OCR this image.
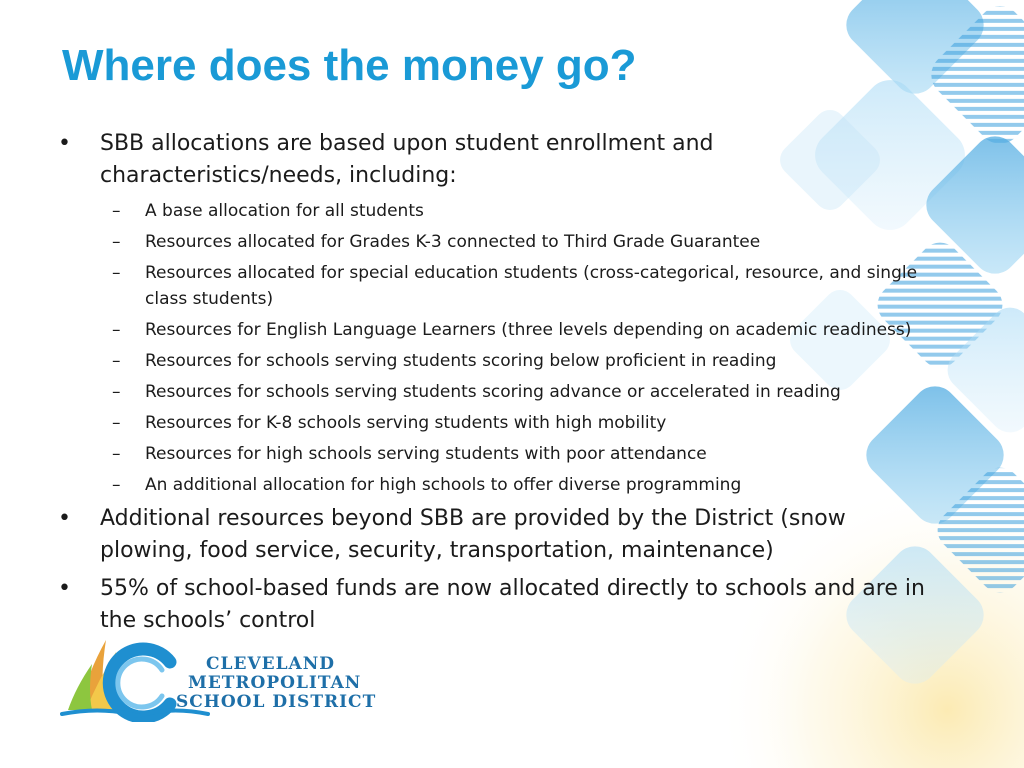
Where does the money go?
•	SBB allocations are based upon student enrollment and characteristics/needs, including:
– A base allocation for all students
– Resources allocated for Grades K-3 connected to Third Grade Guarantee
– Resources allocated for special education students (cross-categorical, resource, and single class students)
– Resources for English Language Learners (three levels depending on academic readiness)
– Resources for schools serving students scoring below proficient in reading
– Resources for schools serving students scoring advance or accelerated in reading
– Resources for K-8 schools serving students with high mobility
– Resources for high schools serving students with poor attendance
– An additional allocation for high schools to offer diverse programming
•	Additional resources beyond SBB are provided by the District (snow plowing, food service, security, transportation, maintenance)
•	55% of school-based funds are now allocated directly to schools and are in the schools’ control
CLEVELAND
METROPOLITAN
SCHOOL DISTRICT
